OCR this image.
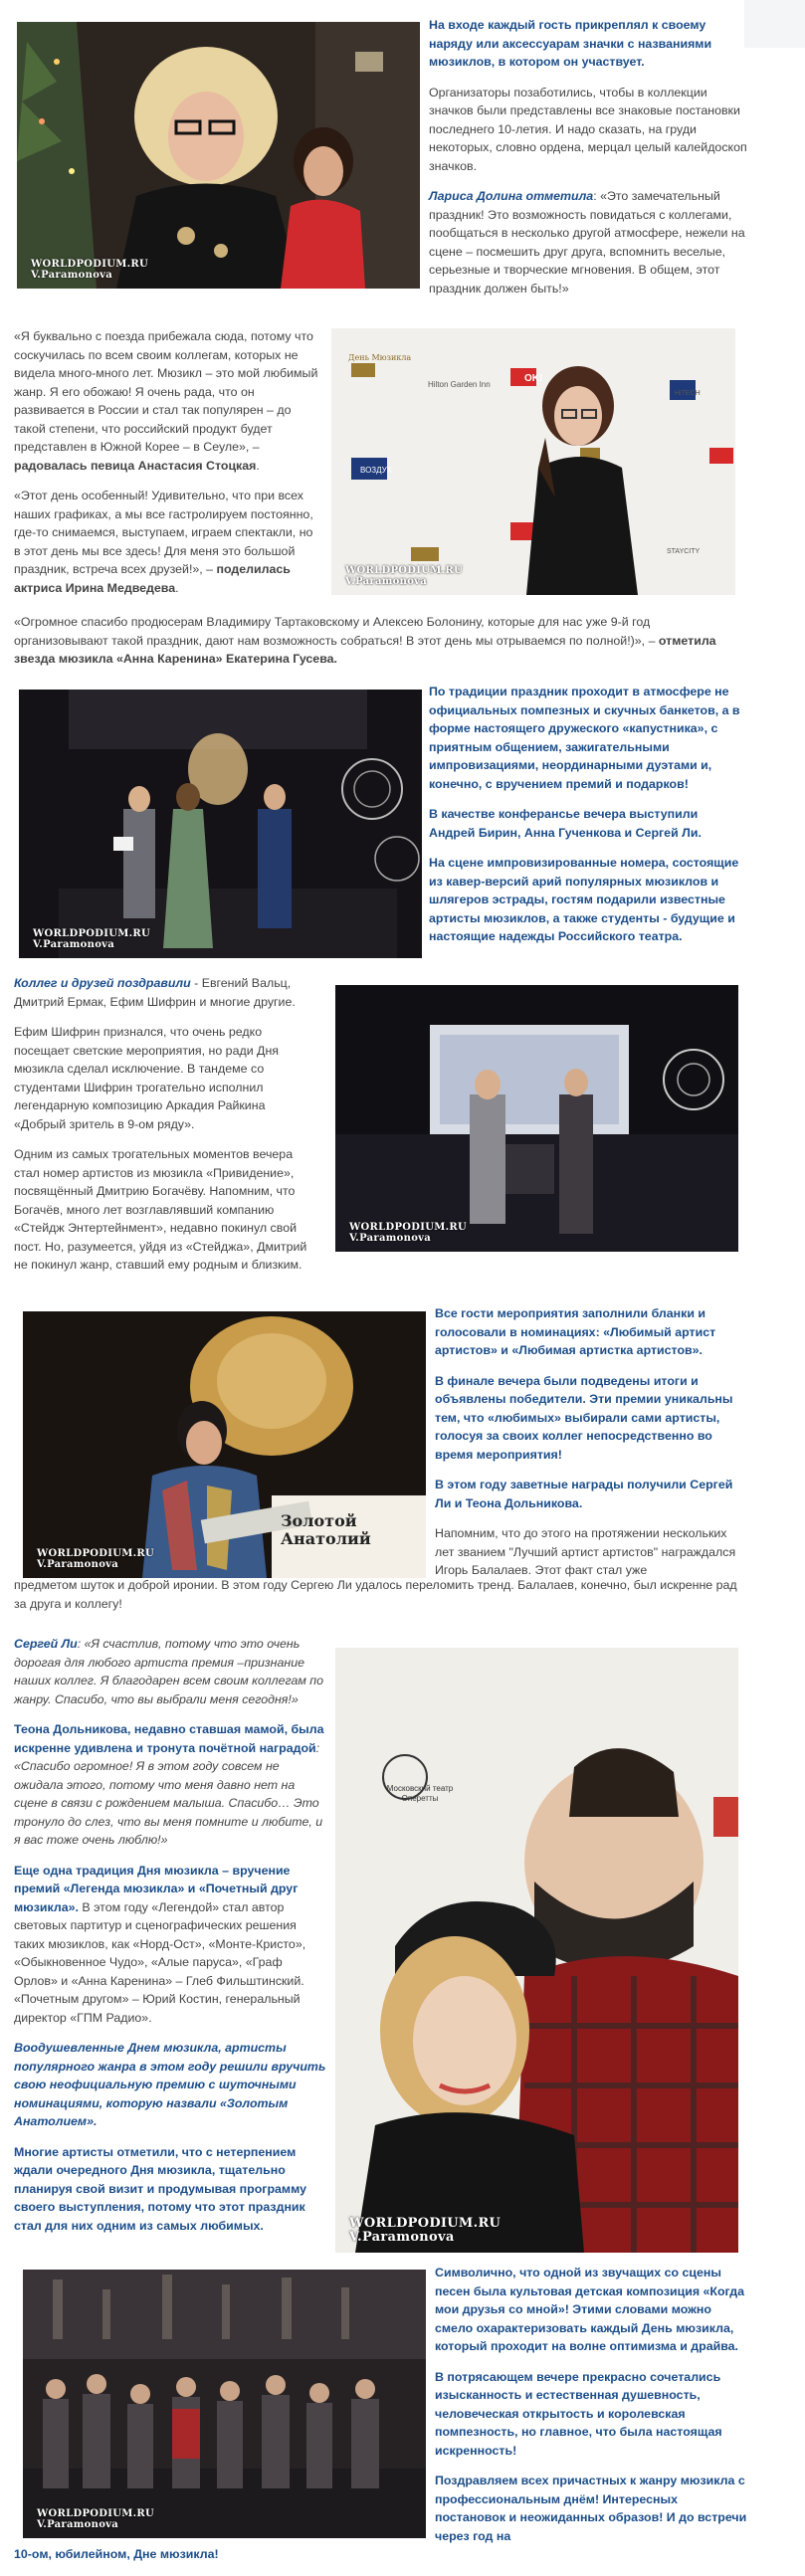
WORLDPODIUM.RU
V.Paramonova

На входе каждый гость прикреплял к своему наряду или аксессуарам значки с названиями мюзиклов, в котором он участвует.

Организаторы позаботились, чтобы в коллекции значков были представлены все знаковые постановки последнего 10-летия. И надо сказать, на груди некоторых, словно ордена, мерцал целый калейдоскоп значков.

Лариса Долина отметила: «Это замечательный праздник! Это возможность повидаться с коллегами, пообщаться в несколько другой атмосфере, нежели на сцене – посмешить друг друга, вспомнить веселые, серьезные и творческие мгновения. В общем, этот праздник должен быть!»

«Я буквально с поезда прибежала сюда, потому что соскучилась по всем своим коллегам, которых не видела много-много лет. Мюзикл – это мой любимый жанр. Я его обожаю! Я очень рада, что он развивается в России и стал так популярен – до такой степени, что российский продукт будет представлен в Южной Корее – в Сеуле», – радовалась певица Анастасия Стоцкая.

«Этот день особенный! Удивительно, что при всех наших графиках, а мы все гастролируем постоянно, где-то снимаемся, выступаем, играем спектакли, но в этот день мы все здесь! Для меня это большой праздник, встреча всех друзей!», – поделилась актриса Ирина Медведева.

WORLDPODIUM.RU
V.Paramonova
День Мюзикла
OK!
Hilton Garden Inn
ВОЗДУХ
HiTECH
STAYCITY

«Огромное спасибо продюсерам Владимиру Тартаковскому и Алексею Болонину, которые для нас уже 9-й год организовывают такой праздник, дают нам возможность собраться! В этот день мы отрываемся по полной!)», – отметила звезда мюзикла «Анна Каренина» Екатерина Гусева.

WORLDPODIUM.RU
V.Paramonova

По традиции праздник проходит в атмосфере не официальных помпезных и скучных банкетов, а в форме настоящего дружеского «капустника», с приятным общением, зажигательными импровизациями, неординарными дуэтами и, конечно, с вручением премий и подарков!

В качестве конферансье вечера выступили Андрей Бирин, Анна Гученкова и Сергей Ли.

На сцене импровизированные номера, состоящие из кавер-версий арий популярных мюзиклов и шлягеров эстрады, гостям подарили известные артисты мюзиклов, а также студенты - будущие и настоящие надежды Российского театра.

Коллег и друзей поздравили - Евгений Вальц, Дмитрий Ермак, Ефим Шифрин и многие другие.

Ефим Шифрин признался, что очень редко посещает светские мероприятия, но ради Дня мюзикла сделал исключение. В тандеме со студентами Шифрин трогательно исполнил легендарную композицию Аркадия Райкина «Добрый зритель в 9-ом ряду».

Одним из самых трогательных моментов вечера стал номер артистов из мюзикла «Привидение», посвящённый Дмитрию Богачёву. Напомним, что Богачёв, много лет возглавлявший компанию «Стейдж Энтертейнмент», недавно покинул свой пост. Но, разумеется, уйдя из «Стейджа», Дмитрий не покинул жанр, ставший ему родным и близким.

WORLDPODIUM.RU
V.Paramonova
WORLDPODIUM.RU
V.Paramonova
Золотой Анатолий

Все гости мероприятия заполнили бланки и голосовали в номинациях: «Любимый артист артистов» и «Любимая артистка артистов».

В финале вечера были подведены итоги и объявлены победители. Эти премии уникальны тем, что «любимых» выбирали сами артисты, голосуя за своих коллег непосредственно во время мероприятия!

В этом году заветные награды получили Сергей Ли и Теона Дольникова.

Напомним, что до этого на протяжении нескольких лет званием "Лучший артист артистов" награждался Игорь Балалаев. Этот факт стал уже

предметом шуток и доброй иронии. В этом году Сергею Ли удалось переломить тренд. Балалаев, конечно, был искренне рад за друга и коллегу!

Сергей Ли: «Я счастлив, потому что это очень дорогая для любого артиста премия –признание наших коллег. Я благодарен всем своим коллегам по жанру. Спасибо, что вы выбрали меня сегодня!»

Теона Дольникова, недавно ставшая мамой, была искренне удивлена и тронута почётной наградой: «Спасибо огромное! Я в этом году совсем не ожидала этого, потому что меня давно нет на сцене в связи с рождением малыша. Спасибо… Это тронуло до слез, что вы меня помните и любите, и я вас тоже очень люблю!»

Еще одна традиция Дня мюзикла – вручение премий «Легенда мюзикла» и «Почетный друг мюзикла». В этом году «Легендой» стал автор световых партитур и сценографических решения таких мюзиклов, как «Норд-Ост», «Монте-Кристо», «Обыкновенное Чудо», «Алые паруса», «Граф Орлов» и «Анна Каренина» – Глеб Фильштинский. «Почетным другом» – Юрий Костин, генеральный директор «ГПМ Радио».

Воодушевленные Днем мюзикла, артисты популярного жанра в этом году решили вручить свою неофициальную премию с шуточными номинациями, которую назвали «Золотым Анатолием».

Многие артисты отметили, что с нетерпением ждали очередного Дня мюзикла, тщательно планируя свой визит и продумывая программу своего выступления, потому что этот праздник стал для них одним из самых любимых.	WORLDPODIUM.RU
V.Paramonova
Московский театр Оперетты
WORLDPODIUM.RU
V.Paramonova

Символично, что одной из звучащих со сцены песен была культовая детская композиция «Когда мои друзья со мной»! Этими словами можно смело охарактеризовать каждый День мюзикла, который проходит на волне оптимизма и драйва.

В потрясающем вечере прекрасно сочетались изысканность и естественная душевность, человеческая открытость и королевская помпезность, но главное, что была настоящая искренность!

Поздравляем всех причастных к жанру мюзикла с профессиональным днём! Интересных постановок и неожиданных образов! И до встречи через год на

10-ом, юбилейном, Дне мюзикла!
